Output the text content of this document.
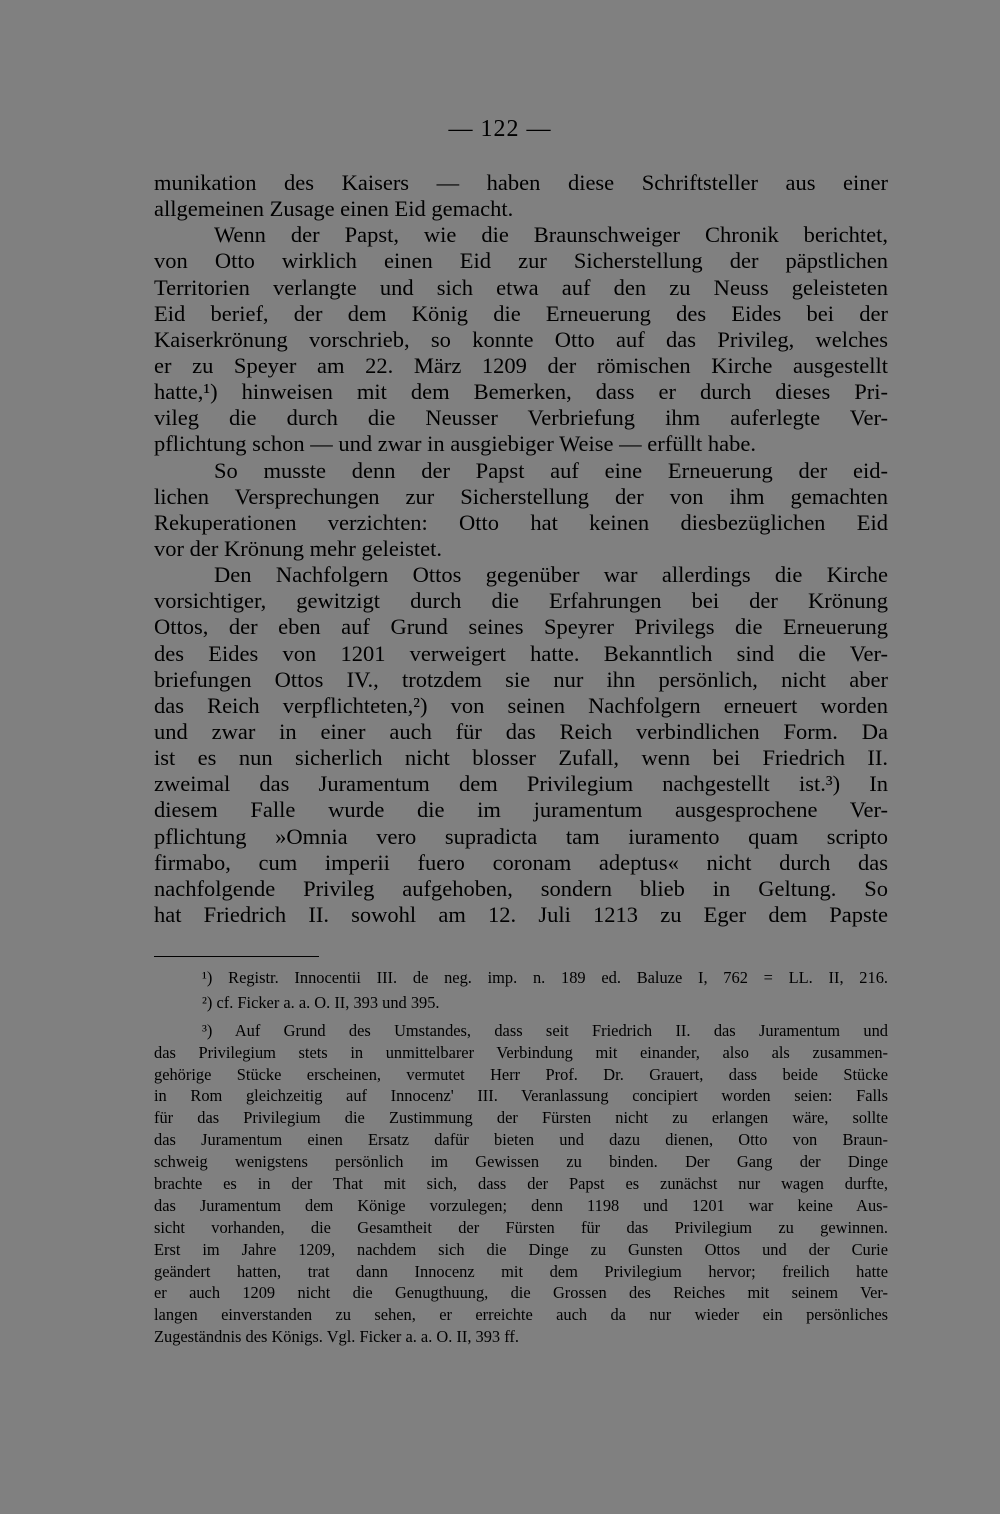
— 122 —
munikation des Kaisers — haben diese Schriftsteller aus einer
allgemeinen Zusage einen Eid gemacht.
Wenn der Papst, wie die Braunschweiger Chronik berichtet,
von Otto wirklich einen Eid zur Sicherstellung der päpstlichen
Territorien verlangte und sich etwa auf den zu Neuss geleisteten
Eid berief, der dem König die Erneuerung des Eides bei der
Kaiserkrönung vorschrieb, so konnte Otto auf das Privileg, welches
er zu Speyer am 22. März 1209 der römischen Kirche ausgestellt
hatte,¹) hinweisen mit dem Bemerken, dass er durch dieses Pri-
vileg die durch die Neusser Verbriefung ihm auferlegte Ver-
pflichtung schon — und zwar in ausgiebiger Weise — erfüllt habe.
So musste denn der Papst auf eine Erneuerung der eid-
lichen Versprechungen zur Sicherstellung der von ihm gemachten
Rekuperationen verzichten: Otto hat keinen diesbezüglichen Eid
vor der Krönung mehr geleistet.
Den Nachfolgern Ottos gegenüber war allerdings die Kirche
vorsichtiger, gewitzigt durch die Erfahrungen bei der Krönung
Ottos, der eben auf Grund seines Speyrer Privilegs die Erneuerung
des Eides von 1201 verweigert hatte. Bekanntlich sind die Ver-
briefungen Ottos IV., trotzdem sie nur ihn persönlich, nicht aber
das Reich verpflichteten,²) von seinen Nachfolgern erneuert worden
und zwar in einer auch für das Reich verbindlichen Form. Da
ist es nun sicherlich nicht blosser Zufall, wenn bei Friedrich II.
zweimal das Juramentum dem Privilegium nachgestellt ist.³) In
diesem Falle wurde die im juramentum ausgesprochene Ver-
pflichtung »Omnia vero supradicta tam iuramento quam scripto
firmabo, cum imperii fuero coronam adeptus« nicht durch das
nachfolgende Privileg aufgehoben, sondern blieb in Geltung. So
hat Friedrich II. sowohl am 12. Juli 1213 zu Eger dem Papste
¹) Registr. Innocentii III. de neg. imp. n. 189 ed. Baluze I, 762 = LL. II, 216.
²) cf. Ficker a. a. O. II, 393 und 395.
³) Auf Grund des Umstandes, dass seit Friedrich II. das Juramentum und
das Privilegium stets in unmittelbarer Verbindung mit einander, also als zusammen-
gehörige Stücke erscheinen, vermutet Herr Prof. Dr. Grauert, dass beide Stücke
in Rom gleichzeitig auf Innocenz' III. Veranlassung concipiert worden seien: Falls
für das Privilegium die Zustimmung der Fürsten nicht zu erlangen wäre, sollte
das Juramentum einen Ersatz dafür bieten und dazu dienen, Otto von Braun-
schweig wenigstens persönlich im Gewissen zu binden. Der Gang der Dinge
brachte es in der That mit sich, dass der Papst es zunächst nur wagen durfte,
das Juramentum dem Könige vorzulegen; denn 1198 und 1201 war keine Aus-
sicht vorhanden, die Gesamtheit der Fürsten für das Privilegium zu gewinnen.
Erst im Jahre 1209, nachdem sich die Dinge zu Gunsten Ottos und der Curie
geändert hatten, trat dann Innocenz mit dem Privilegium hervor; freilich hatte
er auch 1209 nicht die Genugthuung, die Grossen des Reiches mit seinem Ver-
langen einverstanden zu sehen, er erreichte auch da nur wieder ein persönliches
Zugeständnis des Königs. Vgl. Ficker a. a. O. II, 393 ff.
